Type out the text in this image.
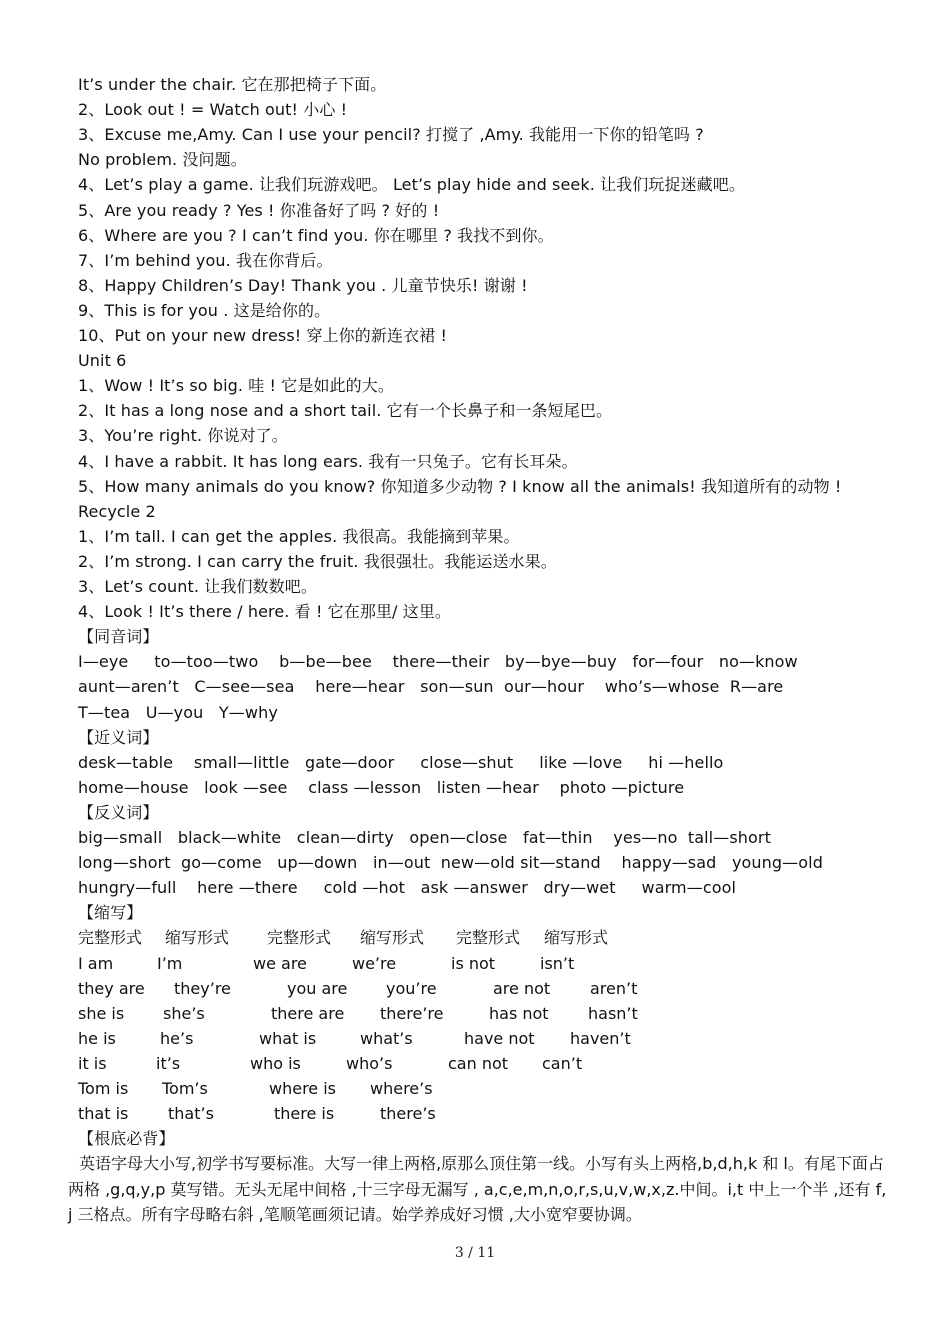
It’s under the chair. 它在那把椅子下面。
2、Look out ! = Watch out! 小心 !
3、Excuse me,Amy. Can I use your pencil? 打搅了 ,Amy. 我能用一下你的铅笔吗 ?
No problem. 没问题。
4、Let’s play a game. 让我们玩游戏吧。 Let’s play hide and seek. 让我们玩捉迷藏吧。
5、Are you ready ? Yes ! 你准备好了吗 ? 好的 !
6、Where are you ? I can’t find you. 你在哪里 ? 我找不到你。
7、I’m behind you. 我在你背后。
8、Happy Children’s Day! Thank you . 儿童节快乐! 谢谢 !
9、This is for you . 这是给你的。
10、Put on your new dress! 穿上你的新连衣裙 !
Unit 6
1、Wow ! It’s so big. 哇 ! 它是如此的大。
2、It has a long nose and a short tail. 它有一个长鼻子和一条短尾巴。
3、You’re right. 你说对了。
4、I have a rabbit. It has long ears. 我有一只兔子。它有长耳朵。
5、How many animals do you know? 你知道多少动物 ? I know all the animals! 我知道所有的动物 !
Recycle 2
1、I’m tall. I can get the apples. 我很高。我能摘到苹果。
2、I’m strong. I can carry the fruit. 我很强壮。我能运送水果。
3、Let’s count. 让我们数数吧。
4、Look ! It’s there / here. 看 ! 它在那里/ 这里。
【同音词】
I—eye     to—too—two    b—be—bee    there—their   by—bye—buy   for—four   no—know
aunt—aren’t   C—see—sea    here—hear   son—sun  our—hour    who’s—whose  R—are
T—tea   U—you   Y—why
【近义词】
desk—table    small—little   gate—door     close—shut     like —love     hi —hello
home—house   look —see    class —lesson   listen —hear    photo —picture
【反义词】
big—small   black—white   clean—dirty   open—close   fat—thin    yes—no  tall—short
long—short  go—come   up—down   in—out  new—old sit—stand    happy—sad   young—old
hungry—full    here —there     cold —hot   ask —answer   dry—wet     warm—cool
【缩写】
完整形式 缩写形式 完整形式 缩写形式 完整形式 缩写形式
I am	I’m	we are	we’re	is not	isn’t
they are they’re	you are you’re	are not aren’t
she is she’s	there are there’re	has not hasn’t
he is	he’s	what is	what’s	have not haven’t
it is	it’s	who is	who’s	can not can’t
Tom is Tom’s	where is where’s
that is that’s	there is	there’s
【根底必背】
英语字母大小写,初学书写要标准。大写一律上两格,原那么顶住第一线。小写有头上两格,b,d,h,k 和 l。有尾下面占两格 ,g,q,y,p 莫写错。无头无尾中间格 ,十三字母无漏写 , a,c,e,m,n,o,r,s,u,v,w,x,z.中间。i,t 中上一个半 ,还有 f,j 三格点。所有字母略右斜 ,笔顺笔画须记请。始学养成好习惯 ,大小宽窄要协调。
3 / 11
